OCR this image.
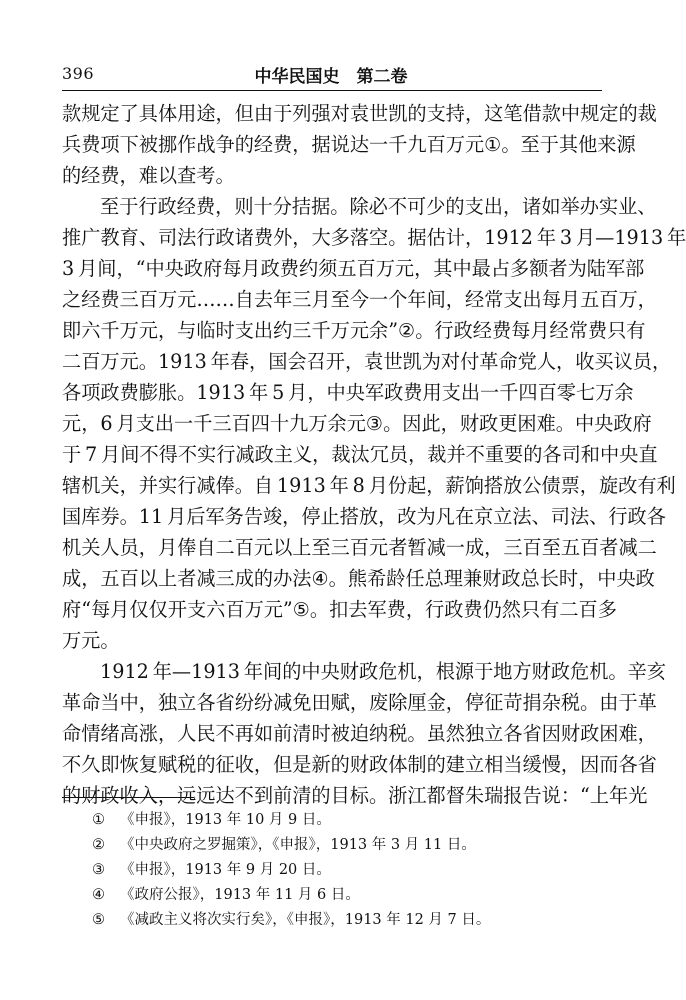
396	中华民国史　第二卷
款 规 定 了 具 体 用 途 ， 但 由 于 列 强 对 袁 世 凯 的 支 持 ， 这 笔 借 款 中 规 定 的 裁
兵 费 项 下 被 挪 作 战 争 的 经 费 ， 据 说 达 一 千 九 百 万 元 ① 。 至 于 其 他 来 源
的经费，难以查考。
至 于 行 政 经 费 ， 则 十 分 拮 据 。 除 必 不 可 少 的 支 出 ， 诸 如 举 办 实 业 、
推 广 教 育 、 司 法 行 政 诸 费 外 ， 大 多 落 空 。 据 估 计 ， 1 9 1 2
  年
  3
  月 — 1 9 1 3
  年
3
  月 间 ， “ 中 央 政 府 每 月 政 费 约 须 五 百 万 元 ， 其 中 最 占 多 额 者 为 陆 军 部
之 经 费 三 百 万 元 … … 自 去 年 三 月 至 今 一 个 年 间 ， 经 常 支 出 每 月 五 百 万 ，
即 六 千 万 元 ， 与 临 时 支 出 约 三 千 万 元 余 ” ② 。 行 政 经 费 每 月 经 常 费 只 有
二 百 万 元 。 1 9 1 3
  年 春 ， 国 会 召 开 ， 袁 世 凯 为 对 付 革 命 党 人 ， 收 买 议 员 ，
各 项 政 费 膨 胀 。 1 9 1 3
  年
  5
  月 ， 中 央 军 政 费 用 支 出 一 千 四 百 零 七 万 余
元 ， 6
  月 支 出 一 千 三 百 四 十 九 万 余 元 ③ 。 因 此 ， 财 政 更 困 难 。 中 央 政 府
于
  7
  月 间 不 得 不 实 行 减 政 主 义 ， 裁 汰 冗 员 ， 裁 并 不 重 要 的 各 司 和 中 央 直
辖 机 关 ， 并 实 行 减 俸 。 自
  1 9 1 3
  年
  8
  月 份 起 ， 薪 饷 搭 放 公 债 票 ， 旋 改 有 利
国 库 券 。 1 1
  月 后 军 务 告 竣 ， 停 止 搭 放 ， 改 为 凡 在 京 立 法 、 司 法 、 行 政 各
机 关 人 员 ， 月 俸 自 二 百 元 以 上 至 三 百 元 者 暂 减 一 成 ， 三 百 至 五 百 者 减 二
成 ， 五 百 以 上 者 减 三 成 的 办 法 ④ 。 熊 希 龄 任 总 理 兼 财 政 总 长 时 ， 中 央 政
府 “ 每 月 仅 仅 开 支 六 百 万 元 ” ⑤ 。 扣 去 军 费 ， 行 政 费 仍 然 只 有 二 百 多
万元。
1 9 1 2
  年 — 1 9 1 3
  年 间 的 中 央 财 政 危 机 ， 根 源 于 地 方 财 政 危 机 。 辛 亥
革 命 当 中 ， 独 立 各 省 纷 纷 减 免 田 赋 ， 废 除 厘 金 ， 停 征 苛 捐 杂 税 。 由 于 革
命 情 绪 高 涨 ， 人 民 不 再 如 前 清 时 被 迫 纳 税 。 虽 然 独 立 各 省 因 财 政 困 难 ，
不 久 即 恢 复 赋 税 的 征 收 ， 但 是 新 的 财 政 体 制 的 建 立 相 当 缓 慢 ， 因 而 各 省
的财政收入，远远达不到前清的目标。浙江都督朱瑞报告说：“上年光
① 《申报》，1913 年 10 月 9 日。
② 《中央政府之罗掘策》，《申报》，1913 年 3 月 11 日。
③ 《申报》，1913 年 9 月 20 日。
④ 《政府公报》，1913 年 11 月 6 日。
⑤ 《减政主义将次实行矣》，《申报》，1913 年 12 月 7 日。
